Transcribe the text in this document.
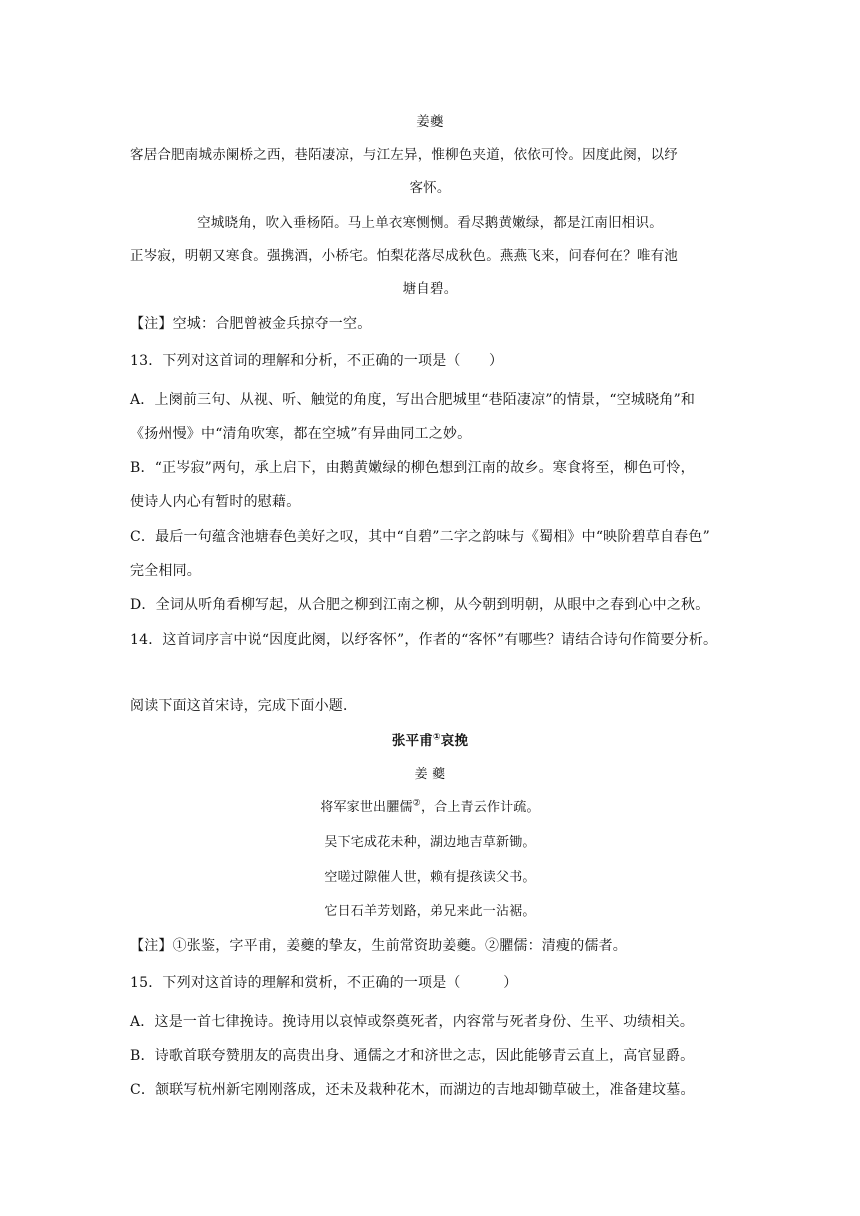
姜夔
客居合肥南城赤阑桥之西，巷陌凄凉，与江左异，惟柳色夹道，依依可怜。因度此阕，以纾
客怀。
空城晓角，吹入垂杨陌。马上单衣寒恻恻。看尽鹅黄嫩绿，都是江南旧相识。
正岑寂，明朝又寒食。强携酒，小桥宅。怕梨花落尽成秋色。燕燕飞来，问春何在？唯有池
塘自碧。
【注】空城：合肥曾被金兵掠夺一空。
13．下列对这首词的理解和分析，不正确的一项是（　　）
A．上阕前三句、从视、听、触觉的角度，写出合肥城里“巷陌凄凉”的情景，“空城晓角”和
《扬州慢》中“清角吹寒，都在空城”有异曲同工之妙。
B．“正岑寂”两句，承上启下，由鹅黄嫩绿的柳色想到江南的故乡。寒食将至，柳色可怜，
使诗人内心有暂时的慰藉。
C．最后一句蕴含池塘春色美好之叹，其中“自碧”二字之韵味与《蜀相》中“映阶碧草自春色”
完全相同。
D．全词从听角看柳写起，从合肥之柳到江南之柳，从今朝到明朝，从眼中之春到心中之秋。
14．这首词序言中说“因度此阕，以纾客怀”，作者的“客怀”有哪些？请结合诗句作简要分析。
阅读下面这首宋诗，完成下面小题．
张平甫①哀挽
姜 夔
将军家世出臞儒②，合上青云作计疏。
吴下宅成花未种，湖边地吉草新锄。
空嗟过隙催人世，赖有提孩读父书。
它日石羊芳划路，弟兄来此一沾裾。
【注】①张鉴，字平甫，姜夔的挚友，生前常资助姜夔。②臞儒：清瘦的儒者。
15．下列对这首诗的理解和赏析，不正确的一项是（　　　）
A．这是一首七律挽诗。挽诗用以哀悼或祭奠死者，内容常与死者身份、生平、功绩相关。
B．诗歌首联夸赞朋友的高贵出身、通儒之才和济世之志，因此能够青云直上，高官显爵。
C．颔联写杭州新宅刚刚落成，还未及栽种花木，而湖边的吉地却锄草破土，准备建坟墓。
